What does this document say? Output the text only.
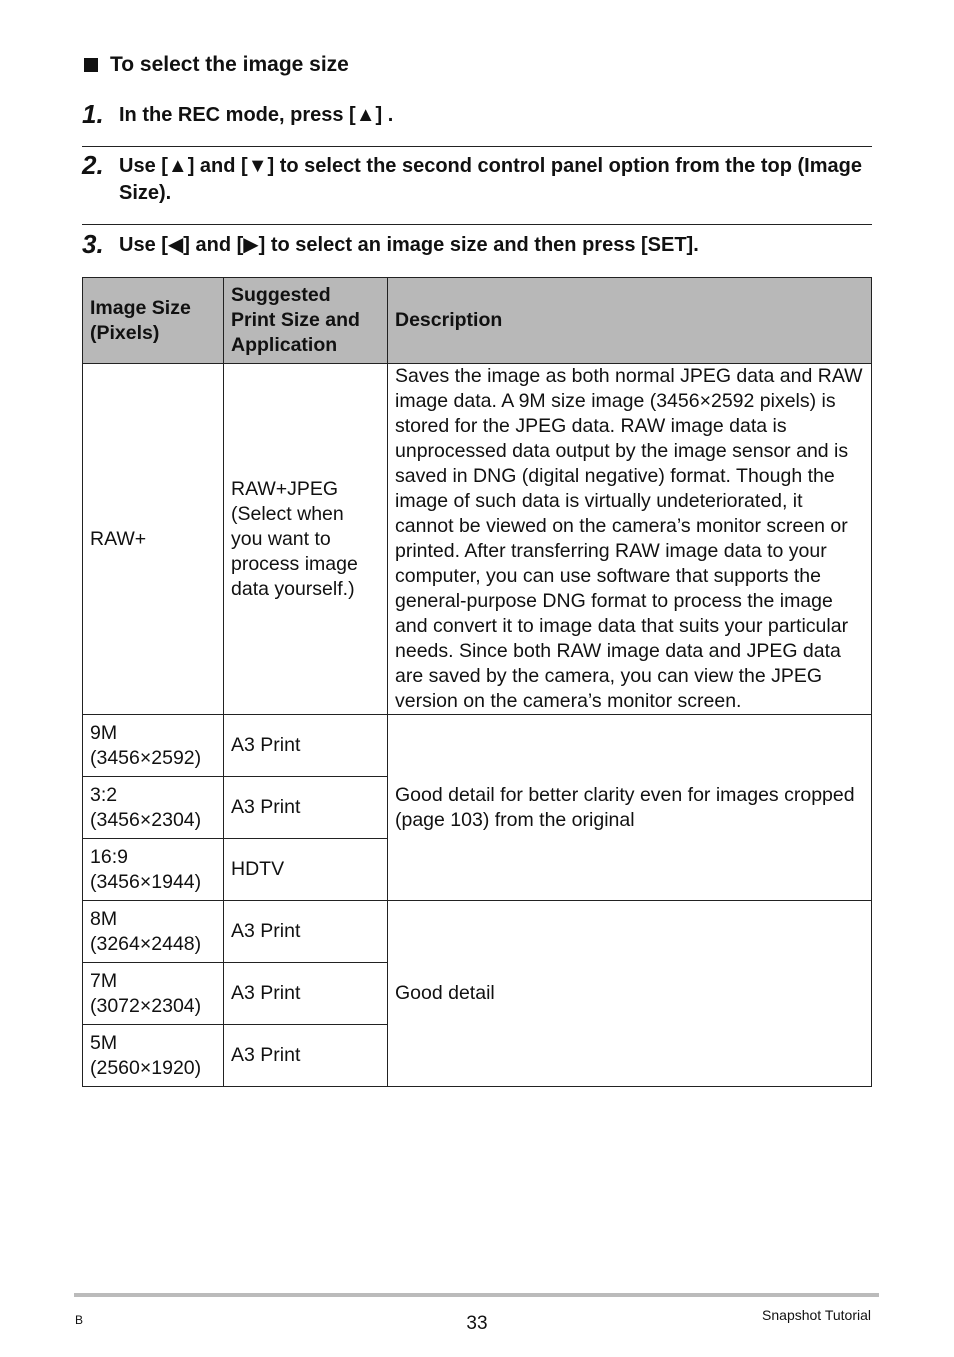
To select the image size
1. In the REC mode, press [▲] .
2. Use [▲] and [▼] to select the second control panel option from the top (Image Size).
3. Use [◀] and [▶] to select an image size and then press [SET].
Image Size (Pixels)	Suggested Print Size and Application	Description
RAW+	RAW+JPEG (Select when you want to process image data yourself.)	Saves the image as both normal JPEG data and RAW image data. A 9M size image (3456×2592 pixels) is stored for the JPEG data. RAW image data is unprocessed data output by the image sensor and is saved in DNG (digital negative) format. Though the image of such data is virtually undeteriorated, it cannot be viewed on the camera’s monitor screen or printed. After transferring RAW image data to your computer, you can use software that supports the general-purpose DNG format to process the image and convert it to image data that suits your particular needs. Since both RAW image data and JPEG data are saved by the camera, you can view the JPEG version on the camera’s monitor screen.

9M
(3456×2592)	A3 Print	Good detail for better clarity even for images cropped (page 103) from the original

3:2
(3456×2304)	A3 Print	

16:9
(3456×1944)	HDTV	

8M
(3264×2448)	A3 Print	Good detail

7M
(3072×2304)	A3 Print	

5M
(2560×1920)	A3 Print	
B	33	Snapshot Tutorial
